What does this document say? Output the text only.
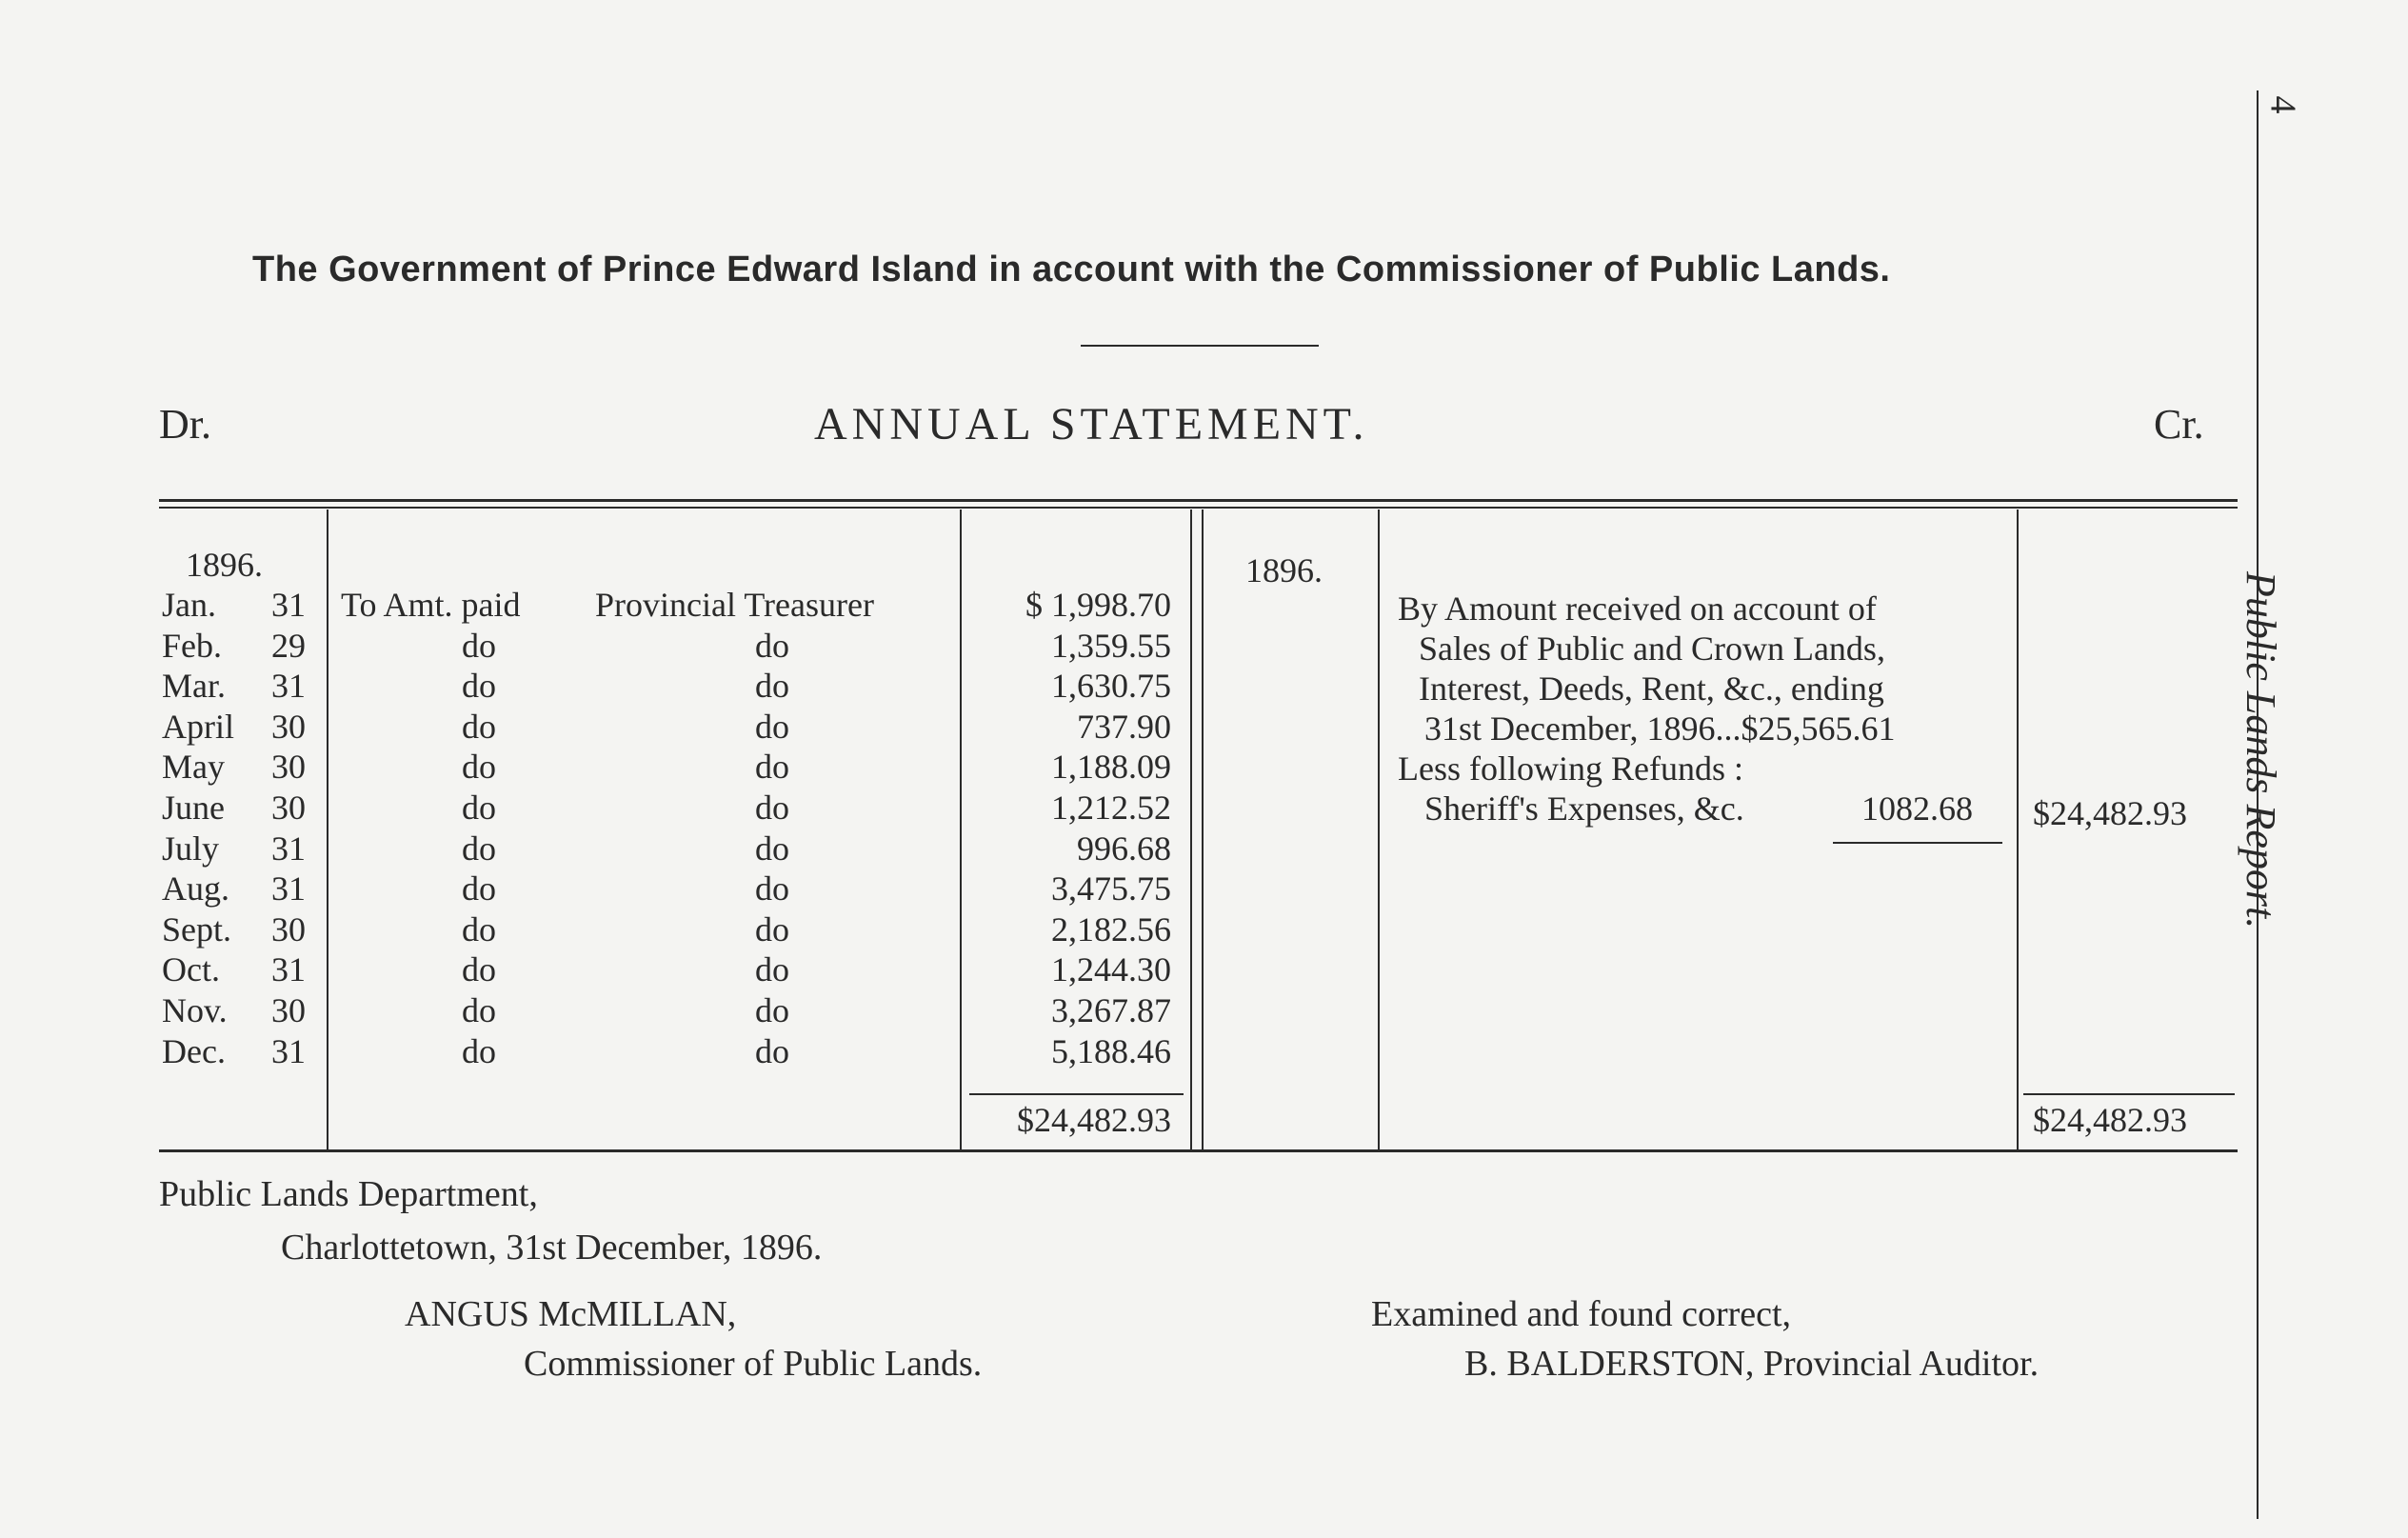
4
Public Lands Report.
The Government of Prince Edward Island in account with the Commissioner of Public Lands.
Dr.	ANNUAL STATEMENT.	Cr.
1896.
Jan. 31 To Amt. paid Provincial Treasurer	$ 1,998.70
Feb. 29	do	do	1,359.55
Mar. 31	do	do	1,630.75
April 30	do	do	737.90
May 30	do	do	1,188.09
June 30	do	do	1,212.52
July 31	do	do	996.68
Aug. 31	do	do	3,475.75
Sept. 30	do	do	2,182.56
Oct. 31	do	do	1,244.30
Nov. 30	do	do	3,267.87
Dec. 31	do	do	5,188.46
$24,482.93
1896.
By Amount received on account of
Sales of Public and Crown Lands,
Interest, Deeds, Rent, &c., ending
31st December, 1896...$25,565.61
Less following Refunds :
Sheriff's Expenses, &c.	1082.68 $24,482.93
$24,482.93
Public Lands Department,
Charlottetown, 31st December, 1896.
ANGUS McMILLAN,
Commissioner of Public Lands.
Examined and found correct,
B. BALDERSTON, Provincial Auditor.
